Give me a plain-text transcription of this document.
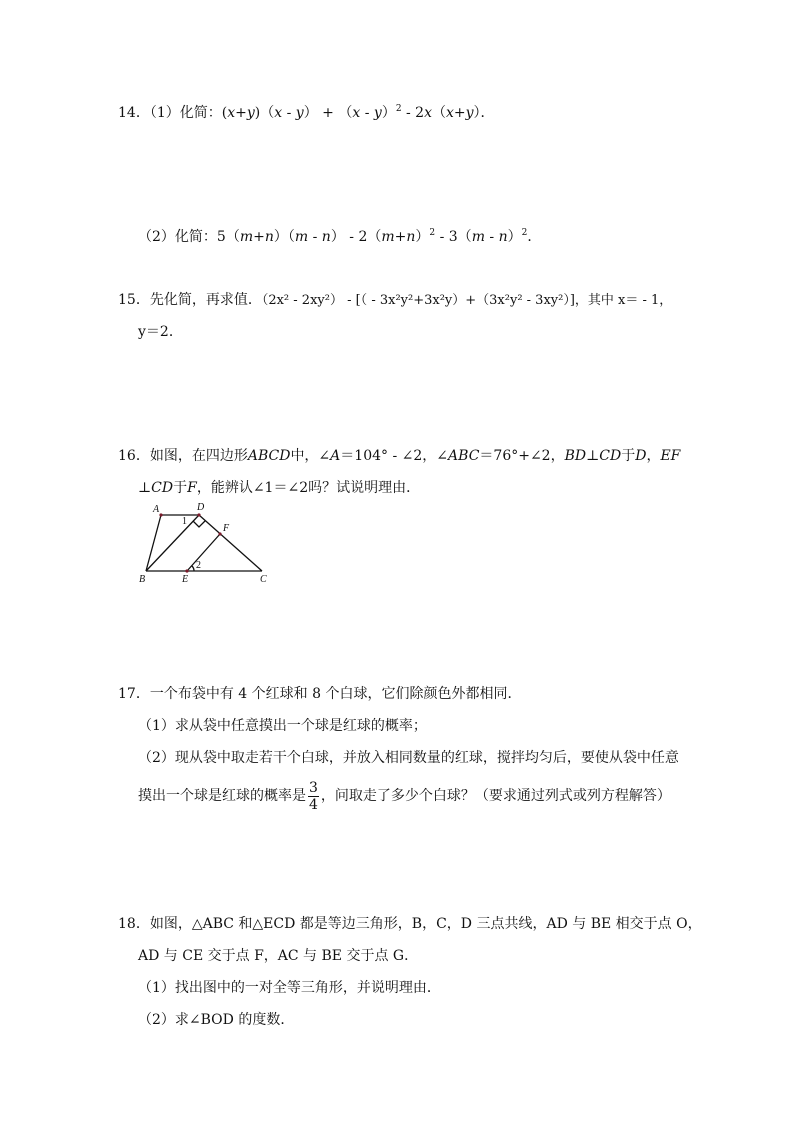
14．（1）化简：(x+y)（x - y） + （x - y）$^2$ - 2x（x+y）．
（2）化简：$5(m+n)(m - n) - 2(m+n)^2 - 3(m - n)^2$．
15．先化简，再求值．（2x² - 2xy²） - [（ - 3x²y²+3x²y）+（3x²y² - 3xy²）]，其中 x＝ - 1，
y＝2．
16．如图，在四边形ABCD中，∠A＝104° - ∠2，∠ABC＝76°+∠2，BD⊥CD于D，EF
⊥CD于F，能辨认∠1＝∠2吗？试说明理由．
A	D
F
B	E	C
1
2
17．一个布袋中有 4 个红球和 8 个白球，它们除颜色外都相同．
（1）求从袋中任意摸出一个球是红球的概率；
（2）现从袋中取走若干个白球，并放入相同数量的红球，搅拌均匀后，要使从袋中任意
摸出一个球是红球的概率是 $\frac{3}{4}$ ，问取走了多少个白球？（要求通过列式或列方程解答）
18．如图，△ABC 和△ECD 都是等边三角形，B，C，D 三点共线，AD 与 BE 相交于点 O，
AD 与 CE 交于点 F，AC 与 BE 交于点 G．
（1）找出图中的一对全等三角形，并说明理由．
（2）求∠BOD 的度数．
